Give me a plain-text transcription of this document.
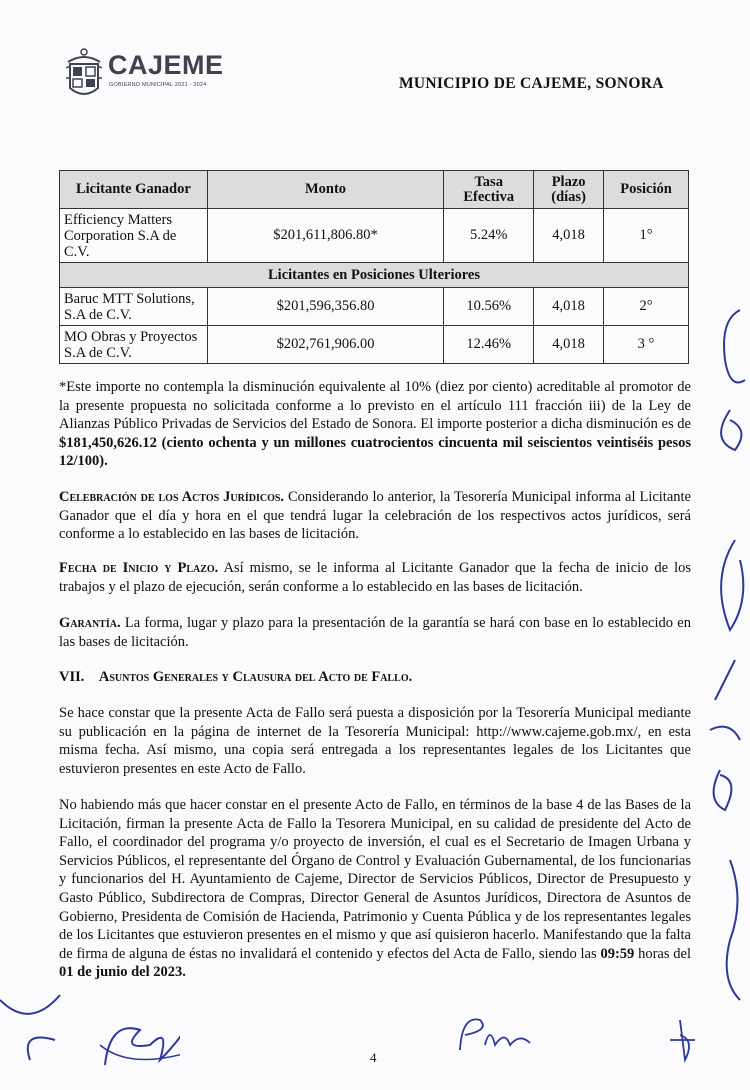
CAJEME
GOBIERNO MUNICIPAL 2021 - 2024	MUNICIPIO DE CAJEME, SONORA
Licitante Ganador	Monto	Tasa Efectiva	Plazo (días)	Posición
Efficiency Matters Corporation S.A de C.V.	$201,611,806.80*	5.24%	4,018	1°
Licitantes en Posiciones Ulteriores				
Baruc MTT Solutions, S.A de C.V.	$201,596,356.80	10.56%	4,018	2°
MO Obras y Proyectos S.A de C.V.	$202,761,906.00	12.46%	4,018	3 °
*Este importe no contempla la disminución equivalente al 10% (diez por ciento) acreditable al promotor de la presente propuesta no solicitada conforme a lo previsto en el artículo 111 fracción iii) de la Ley de Alianzas Público Privadas de Servicios del Estado de Sonora. El importe posterior a dicha disminución es de $181,450,626.12 (ciento ochenta y un millones cuatrocientos cincuenta mil seiscientos veintiséis pesos 12/100).
Celebración de los Actos Jurídicos. Considerando lo anterior, la Tesorería Municipal informa al Licitante Ganador que el día y hora en el que tendrá lugar la celebración de los respectivos actos jurídicos, será conforme a lo establecido en las bases de licitación.
Fecha de Inicio y Plazo. Así mismo, se le informa al Licitante Ganador que la fecha de inicio de los trabajos y el plazo de ejecución, serán conforme a lo establecido en las bases de licitación.
Garantía. La forma, lugar y plazo para la presentación de la garantía se hará con base en lo establecido en las bases de licitación.
VII. Asuntos Generales y Clausura del Acto de Fallo.
Se hace constar que la presente Acta de Fallo será puesta a disposición por la Tesorería Municipal mediante su publicación en la página de internet de la Tesorería Municipal: http://www.cajeme.gob.mx/, en esta misma fecha. Así mismo, una copia será entregada a los representantes legales de los Licitantes que estuvieron presentes en este Acto de Fallo.
No habiendo más que hacer constar en el presente Acto de Fallo, en términos de la base 4 de las Bases de la Licitación, firman la presente Acta de Fallo la Tesorera Municipal, en su calidad de presidente del Acto de Fallo, el coordinador del programa y/o proyecto de inversión, el cual es el Secretario de Imagen Urbana y Servicios Públicos, el representante del Órgano de Control y Evaluación Gubernamental, de los funcionarias y funcionarios del H. Ayuntamiento de Cajeme, Director de Servicios Públicos, Director de Presupuesto y Gasto Público, Subdirectora de Compras, Director General de Asuntos Jurídicos, Directora de Asuntos de Gobierno, Presidenta de Comisión de Hacienda, Patrimonio y Cuenta Pública y de los representantes legales de los Licitantes que estuvieron presentes en el mismo y que así quisieron hacerlo. Manifestando que la falta de firma de alguna de éstas no invalidará el contenido y efectos del Acta de Fallo, siendo las 09:59 horas del 01 de junio del 2023.
4
